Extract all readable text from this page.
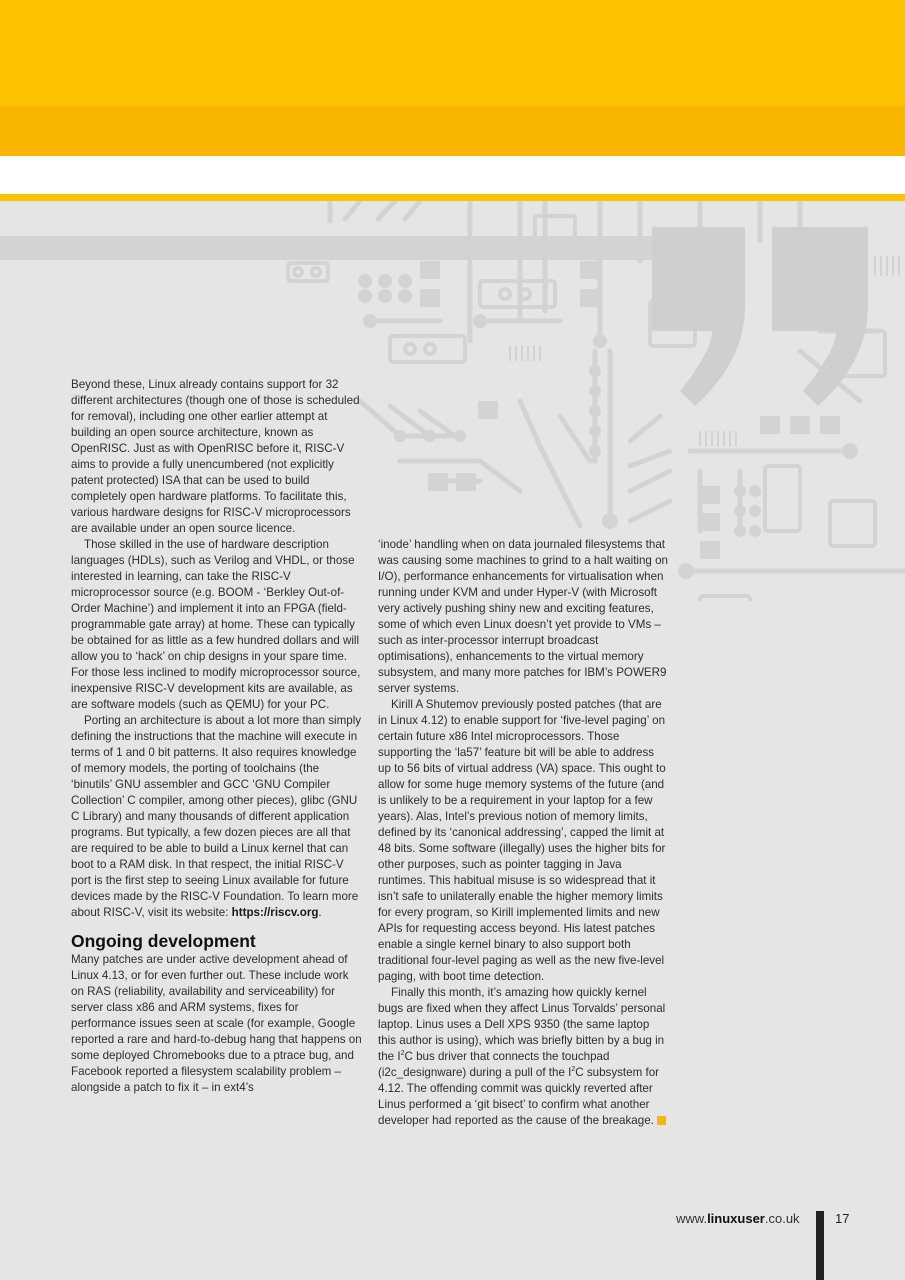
Beyond these, Linux already contains support for 32 different architectures (though one of those is scheduled for removal), including one other earlier attempt at building an open source architecture, known as OpenRISC. Just as with OpenRISC before it, RISC-V aims to provide a fully unencumbered (not explicitly patent protected) ISA that can be used to build completely open hardware platforms. To facilitate this, various hardware designs for RISC-V microprocessors are available under an open source licence.

Those skilled in the use of hardware description languages (HDLs), such as Verilog and VHDL, or those interested in learning, can take the RISC-V microprocessor source (e.g. BOOM - ‘Berkley Out-of-Order Machine’) and implement it into an FPGA (field-programmable gate array) at home. These can typically be obtained for as little as a few hundred dollars and will allow you to ‘hack’ on chip designs in your spare time. For those less inclined to modify microprocessor source, inexpensive RISC-V development kits are available, as are software models (such as QEMU) for your PC.

Porting an architecture is about a lot more than simply defining the instructions that the machine will execute in terms of 1 and 0 bit patterns. It also requires knowledge of memory models, the porting of toolchains (the ‘binutils’ GNU assembler and GCC ‘GNU Compiler Collection’ C compiler, among other pieces), glibc (GNU C Library) and many thousands of different application programs. But typically, a few dozen pieces are all that are required to be able to build a Linux kernel that can boot to a RAM disk. In that respect, the initial RISC-V port is the first step to seeing Linux available for future devices made by the RISC-V Foundation. To learn more about RISC-V, visit its website: https://riscv.org.

Ongoing development

Many patches are under active development ahead of Linux 4.13, or for even further out. These include work on RAS (reliability, availability and serviceability) for server class x86 and ARM systems, fixes for performance issues seen at scale (for example, Google reported a rare and hard-to-debug hang that happens on some deployed Chromebooks due to a ptrace bug, and Facebook reported a filesystem scalability problem – alongside a patch to fix it – in ext4’s

‘inode’ handling when on data journaled filesystems that was causing some machines to grind to a halt waiting on I/O), performance enhancements for virtualisation when running under KVM and under Hyper-V (with Microsoft very actively pushing shiny new and exciting features, some of which even Linux doesn’t yet provide to VMs – such as inter-processor interrupt broadcast optimisations), enhancements to the virtual memory subsystem, and many more patches for IBM’s POWER9 server systems.

Kirill A Shutemov previously posted patches (that are in Linux 4.12) to enable support for ‘five-level paging’ on certain future x86 Intel microprocessors. Those supporting the ‘la57’ feature bit will be able to address up to 56 bits of virtual address (VA) space. This ought to allow for some huge memory systems of the future (and is unlikely to be a requirement in your laptop for a few years). Alas, Intel’s previous notion of memory limits, defined by its ‘canonical addressing’, capped the limit at 48 bits. Some software (illegally) uses the higher bits for other purposes, such as pointer tagging in Java runtimes. This habitual misuse is so widespread that it isn’t safe to unilaterally enable the higher memory limits for every program, so Kirill implemented limits and new APIs for requesting access beyond. His latest patches enable a single kernel binary to also support both traditional four-level paging as well as the new five-level paging, with boot time detection.

Finally this month, it’s amazing how quickly kernel bugs are fixed when they affect Linus Torvalds’ personal laptop. Linus uses a Dell XPS 9350 (the same laptop this author is using), which was briefly bitten by a bug in the $I^2C$ bus driver that connects the touchpad (i2c_designware) during a pull of the $I^2C$ subsystem for 4.12. The offending commit was quickly reverted after Linus performed a ‘git bisect’ to confirm what another developer had reported as the cause of the breakage.

www.linuxuser.co.uk	17
